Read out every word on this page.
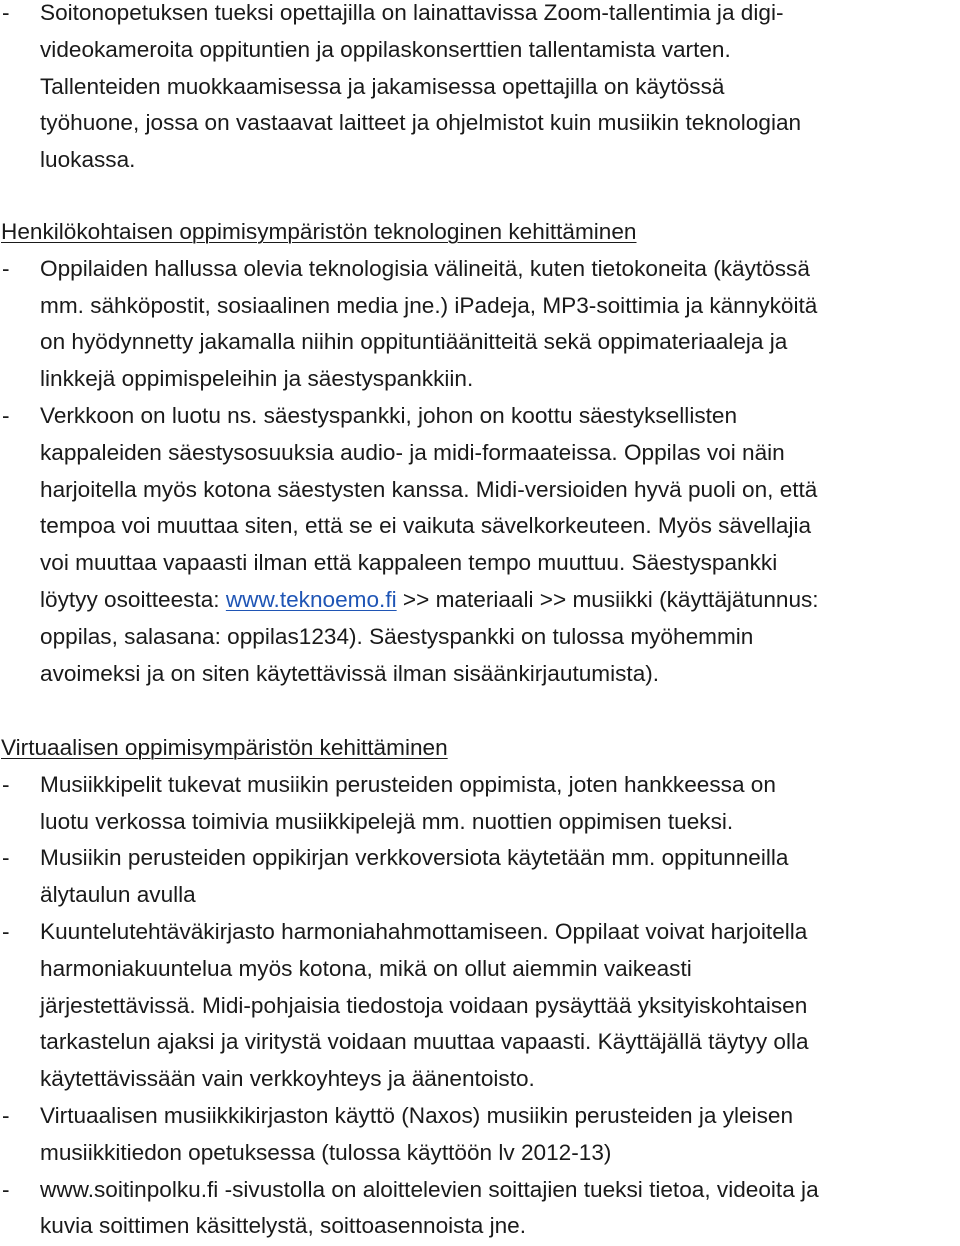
-	Soitonopetuksen tueksi opettajilla on lainattavissa Zoom-tallentimia ja digi-
videokameroita oppituntien ja oppilaskonserttien tallentamista varten.
Tallenteiden muokkaamisessa ja jakamisessa opettajilla on käytössä
työhuone, jossa on vastaavat laitteet ja ohjelmistot kuin musiikin teknologian
luokassa.
Henkilökohtaisen oppimisympäristön teknologinen kehittäminen
-	Oppilaiden hallussa olevia teknologisia välineitä, kuten tietokoneita (käytössä
mm. sähköpostit, sosiaalinen media jne.) iPadeja, MP3-soittimia ja kännyköitä
on hyödynnetty jakamalla niihin oppituntiäänitteitä sekä oppimateriaaleja ja
linkkejä oppimispeleihin ja säestyspankkiin.
-	Verkkoon on luotu ns. säestyspankki, johon on koottu säestyksellisten
kappaleiden säestysosuuksia audio- ja midi-formaateissa. Oppilas voi näin
harjoitella myös kotona säestysten kanssa. Midi-versioiden hyvä puoli on, että
tempoa voi muuttaa siten, että se ei vaikuta sävelkorkeuteen. Myös sävellajia
voi muuttaa vapaasti ilman että kappaleen tempo muuttuu. Säestyspankki
löytyy osoitteesta: www.teknoemo.fi >> materiaali >> musiikki (käyttäjätunnus:
oppilas, salasana: oppilas1234). Säestyspankki on tulossa myöhemmin
avoimeksi ja on siten käytettävissä ilman sisäänkirjautumista).
Virtuaalisen oppimisympäristön kehittäminen
-	Musiikkipelit tukevat musiikin perusteiden oppimista, joten hankkeessa on
luotu verkossa toimivia musiikkipelejä mm. nuottien oppimisen tueksi.
-	Musiikin perusteiden oppikirjan verkkoversiota käytetään mm. oppitunneilla
älytaulun avulla
-	Kuuntelutehtäväkirjasto harmoniahahmottamiseen. Oppilaat voivat harjoitella
harmoniakuuntelua myös kotona, mikä on ollut aiemmin vaikeasti
järjestettävissä. Midi-pohjaisia tiedostoja voidaan pysäyttää yksityiskohtaisen
tarkastelun ajaksi ja viritystä voidaan muuttaa vapaasti. Käyttäjällä täytyy olla
käytettävissään vain verkkoyhteys ja äänentoisto.
-	Virtuaalisen musiikkikirjaston käyttö (Naxos) musiikin perusteiden ja yleisen
musiikkitiedon opetuksessa (tulossa käyttöön lv 2012-13)
-	www.soitinpolku.fi -sivustolla on aloittelevien soittajien tueksi tietoa, videoita ja
kuvia soittimen käsittelystä, soittoasennoista jne.
